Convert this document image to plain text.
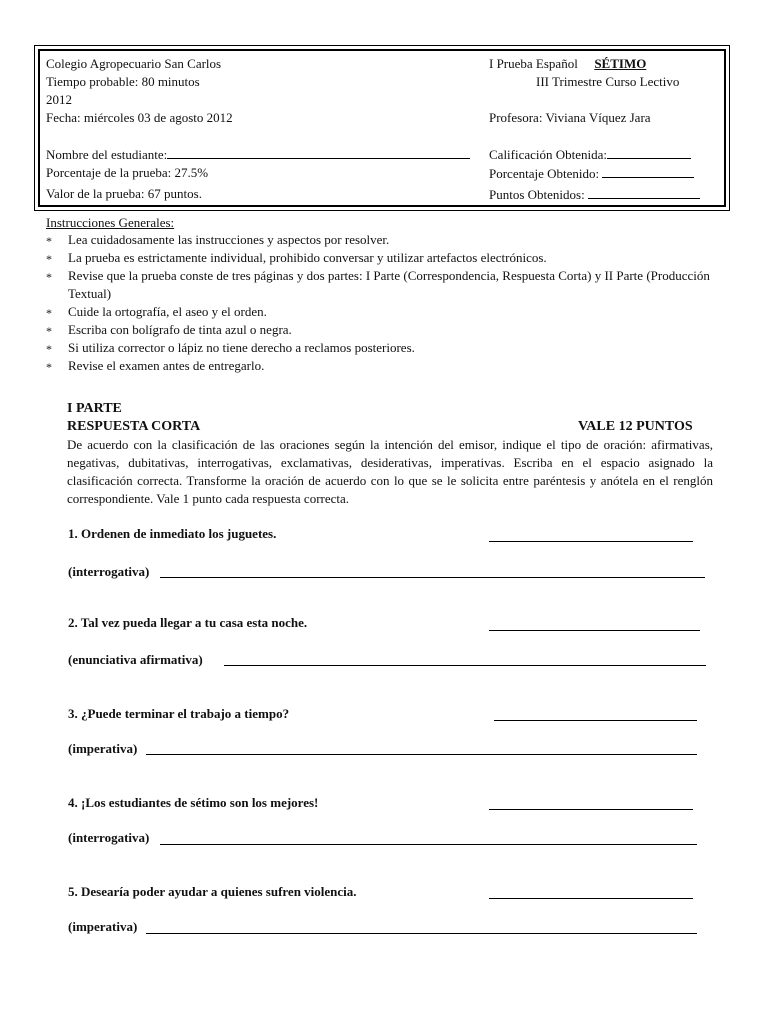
Colegio Agropecuario San Carlos
Tiempo probable: 80 minutos
2012
Fecha: miércoles 03 de agosto 2012
I Prueba Español SÉTIMO
III Trimestre Curso Lectivo
Profesora: Viviana Víquez Jara
Nombre del estudiante:
Porcentaje de la prueba: 27.5%
Valor de la prueba: 67 puntos.
Calificación Obtenida:
Porcentaje Obtenido:
Puntos Obtenidos:
Instrucciones Generales:
* Lea cuidadosamente las instrucciones y aspectos por resolver.
* La prueba es estrictamente individual, prohibido conversar y utilizar artefactos electrónicos.
* Revise que la prueba conste de tres páginas y dos partes: I Parte (Correspondencia, Respuesta Corta) y II Parte (Producción Textual)
* Cuide la ortografía, el aseo y el orden.
* Escriba con bolígrafo de tinta azul o negra.
* Si utiliza corrector o lápiz no tiene derecho a reclamos posteriores.
* Revise el examen antes de entregarlo.
I PARTE
RESPUESTA CORTA	VALE 12 PUNTOS
De acuerdo con la clasificación de las oraciones según la intención del emisor, indique el tipo de oración: afirmativas, negativas, dubitativas, interrogativas, exclamativas, desiderativas, imperativas. Escriba en el espacio asignado la clasificación correcta. Transforme la oración de acuerdo con lo que se le solicita entre paréntesis y anótela en el renglón correspondiente. Vale 1 punto cada respuesta correcta.
1. Ordenen de inmediato los juguetes.
(interrogativa)
2. Tal vez pueda llegar a tu casa esta noche.
(enunciativa afirmativa)
3. ¿Puede terminar el trabajo a tiempo?
(imperativa)
4. ¡Los estudiantes de sétimo son los mejores!
(interrogativa)
5. Desearía poder ayudar a quienes sufren violencia.
(imperativa)
